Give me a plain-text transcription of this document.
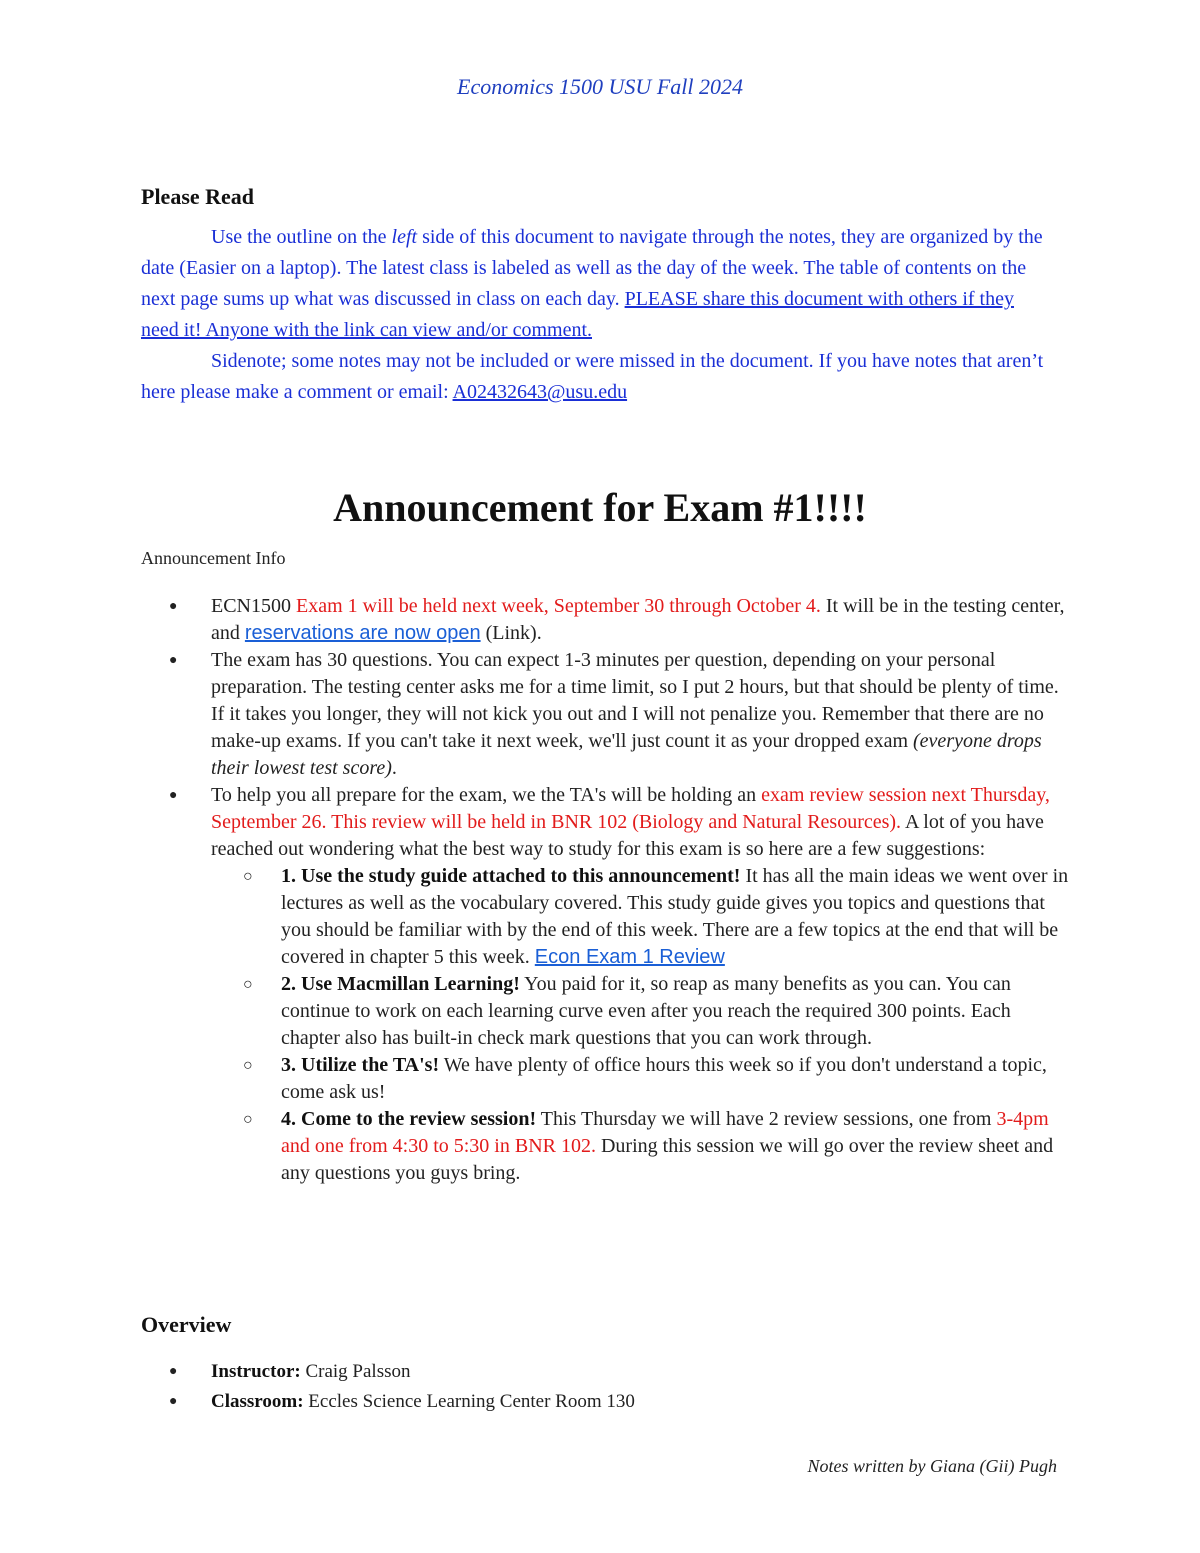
Economics 1500 USU Fall 2024
Please Read

Use the outline on the left side of this document to navigate through the notes, they are organized by the date (Easier on a laptop). The latest class is labeled as well as the day of the week. The table of contents on the next page sums up what was discussed in class on each day. PLEASE share this document with others if they need it! Anyone with the link can view and/or comment.

Sidenote; some notes may not be included or were missed in the document. If you have notes that aren’t here please make a comment or email: A02432643@usu.edu

Announcement for Exam #1!!!!
Announcement Info
● ECN1500 Exam 1 will be held next week, September 30 through October 4. It will be in the testing center, and reservations are now open (Link).
● The exam has 30 questions. You can expect 1-3 minutes per question, depending on your personal preparation. The testing center asks me for a time limit, so I put 2 hours, but that should be plenty of time. If it takes you longer, they will not kick you out and I will not penalize you. Remember that there are no make-up exams. If you can't take it next week, we'll just count it as your dropped exam (everyone drops their lowest test score).
● To help you all prepare for the exam, we the TA's will be holding an exam review session next Thursday, September 26. This review will be held in BNR 102 (Biology and Natural Resources). A lot of you have reached out wondering what the best way to study for this exam is so here are a few suggestions:
○ 1. Use the study guide attached to this announcement! It has all the main ideas we went over in lectures as well as the vocabulary covered. This study guide gives you topics and questions that you should be familiar with by the end of this week. There are a few topics at the end that will be covered in chapter 5 this week. Econ Exam 1 Review
○ 2. Use Macmillan Learning! You paid for it, so reap as many benefits as you can. You can continue to work on each learning curve even after you reach the required 300 points. Each chapter also has built-in check mark questions that you can work through.
○ 3. Utilize the TA's! We have plenty of office hours this week so if you don't understand a topic, come ask us!
○ 4. Come to the review session! This Thursday we will have 2 review sessions, one from 3-4pm and one from 4:30 to 5:30 in BNR 102. During this session we will go over the review sheet and any questions you guys bring.
Overview
● Instructor: Craig Palsson
● Classroom: Eccles Science Learning Center Room 130
Notes written by Giana (Gii) Pugh
